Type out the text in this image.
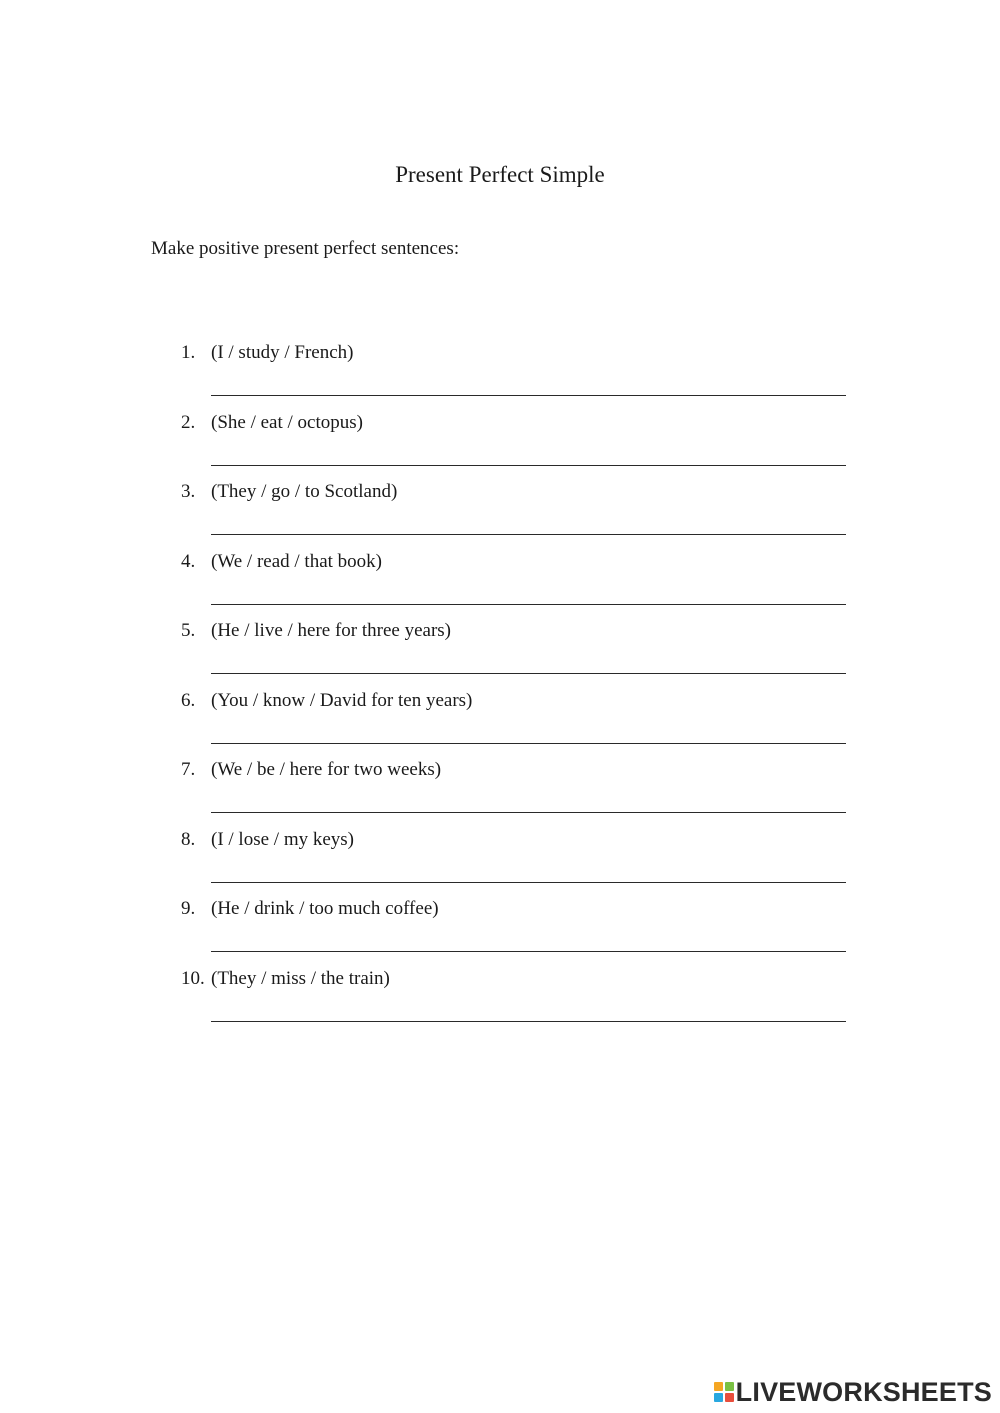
Present Perfect Simple
Make positive present perfect sentences:
1. (I / study / French)
2. (She / eat / octopus)
3. (They / go / to Scotland)
4. (We / read / that book)
5. (He / live / here for three years)
6. (You / know / David for ten years)
7. (We / be / here for two weeks)
8. (I / lose / my keys)
9. (He / drink / too much coffee)
10. (They / miss / the train)
LIVEWORKSHEETS
